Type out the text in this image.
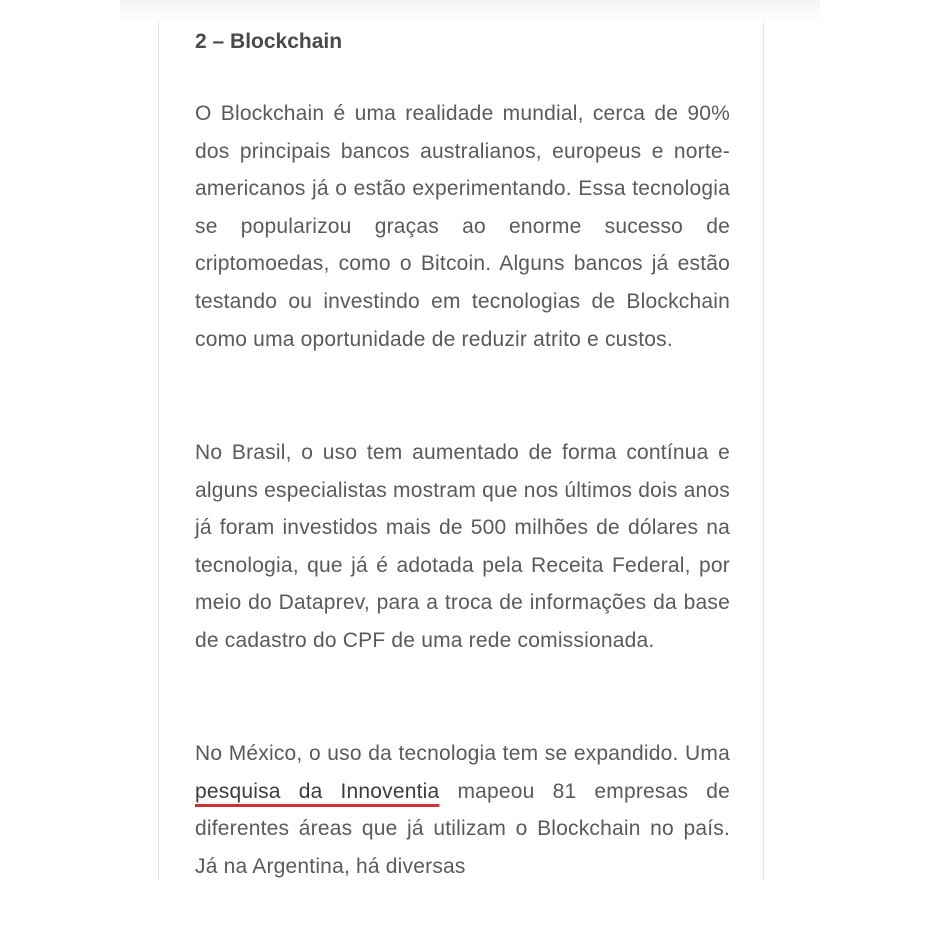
2 – Blockchain

O Blockchain é uma realidade mundial, cerca de 90% dos principais bancos australianos, europeus e norte-americanos já o estão experimentando. Essa tecnologia se popularizou graças ao enorme sucesso de criptomoedas, como o Bitcoin. Alguns bancos já estão testando ou investindo em tecnologias de Blockchain como uma oportunidade de reduzir atrito e custos.

No Brasil, o uso tem aumentado de forma contínua e alguns especialistas mostram que nos últimos dois anos já foram investidos mais de 500 milhões de dólares na tecnologia, que já é adotada pela Receita Federal, por meio do Dataprev, para a troca de informações da base de cadastro do CPF de uma rede comissionada.

No México, o uso da tecnologia tem se expandido. Uma pesquisa da Innoventia mapeou 81 empresas de diferentes áreas que já utilizam o Blockchain no país. Já na Argentina, há diversas
